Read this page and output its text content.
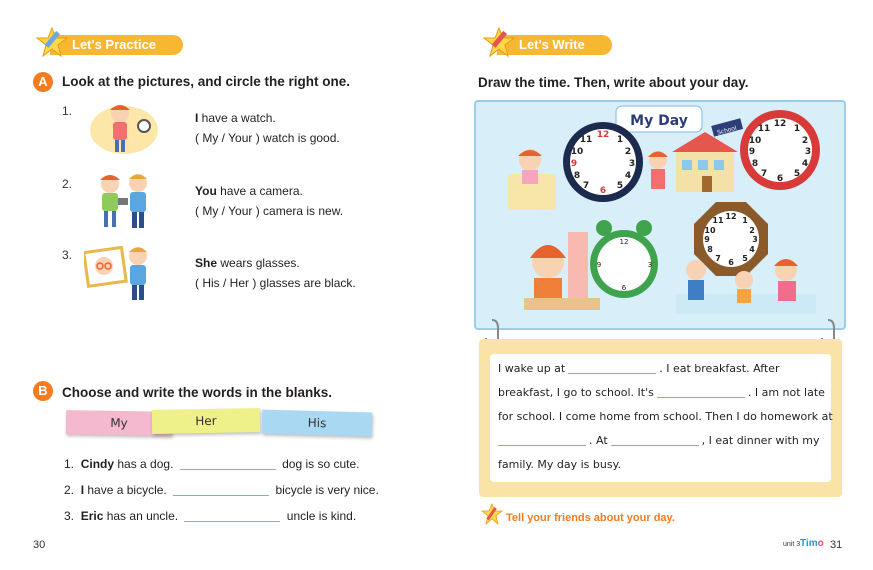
Let's Practice
A	Look at the pictures, and circle the right one.
1.	I have a watch.
( My / Your ) watch is good.
2.	You have a camera.
( My / Your ) camera is new.
3.
She wears glasses.
( His / Her ) glasses are black.
B	Choose and write the words in the blanks.
My	Her	His
1. Cindy has a dog.	dog is so cute.
2. I have a bicycle.	bicycle is very nice.
3. Eric has an uncle.	uncle is kind.
30
Let's Write
Draw the time. Then, write about your day.
My Day
12 1
2
3
4
5
6
7
8
9
10
11
School
12 1
2
3
4
5
6
7
8
9
10
11
12
3
6
9
12 1
2
3
4
5
6
7
8
9
10
11
I wake up at	. I eat breakfast. After
breakfast, I go to school. It's	. I am not late
for school. I come home from school. Then I do homework at
. At	, I eat dinner with my
family. My day is busy.
Tell your friends about your day.
unit 3 Timo 31
